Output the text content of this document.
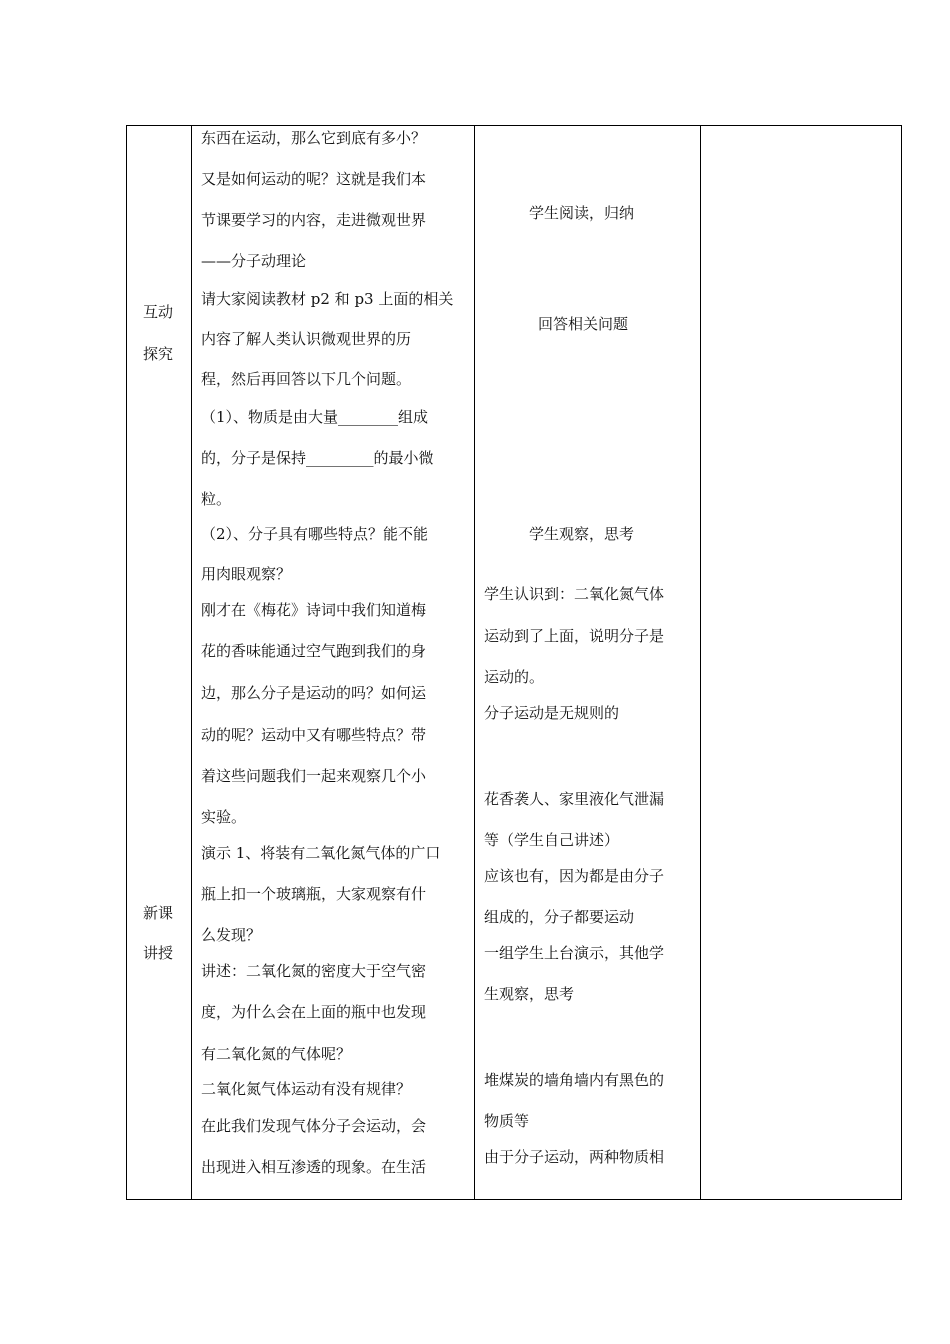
互动
探究
新课
讲授
东西在运动，那么它到底有多小？
又是如何运动的呢？这就是我们本
节课要学习的内容，走进微观世界
——分子动理论
请大家阅读教材 p2 和 p3 上面的相关
内容了解人类认识微观世界的历
程，然后再回答以下几个问题。
（1）、物质是由大量________组成
的，分子是保持_________的最小微
粒。
（2）、分子具有哪些特点？能不能
用肉眼观察？
刚才在《梅花》诗词中我们知道梅
花的香味能通过空气跑到我们的身
边，那么分子是运动的吗？如何运
动的呢？运动中又有哪些特点？带
着这些问题我们一起来观察几个小
实验。
演示 1、将装有二氧化氮气体的广口
瓶上扣一个玻璃瓶，大家观察有什
么发现？
讲述：二氧化氮的密度大于空气密
度，为什么会在上面的瓶中也发现
有二氧化氮的气体呢？
二氧化氮气体运动有没有规律？
在此我们发现气体分子会运动，会
出现进入相互渗透的现象。在生活
学生阅读，归纳
回答相关问题
学生观察，思考
学生认识到：二氧化氮气体
运动到了上面，说明分子是
运动的。
分子运动是无规则的
花香袭人、家里液化气泄漏
等（学生自己讲述）
应该也有，因为都是由分子
组成的，分子都要运动
一组学生上台演示，其他学
生观察，思考
堆煤炭的墙角墙内有黑色的
物质等
由于分子运动，两种物质相
